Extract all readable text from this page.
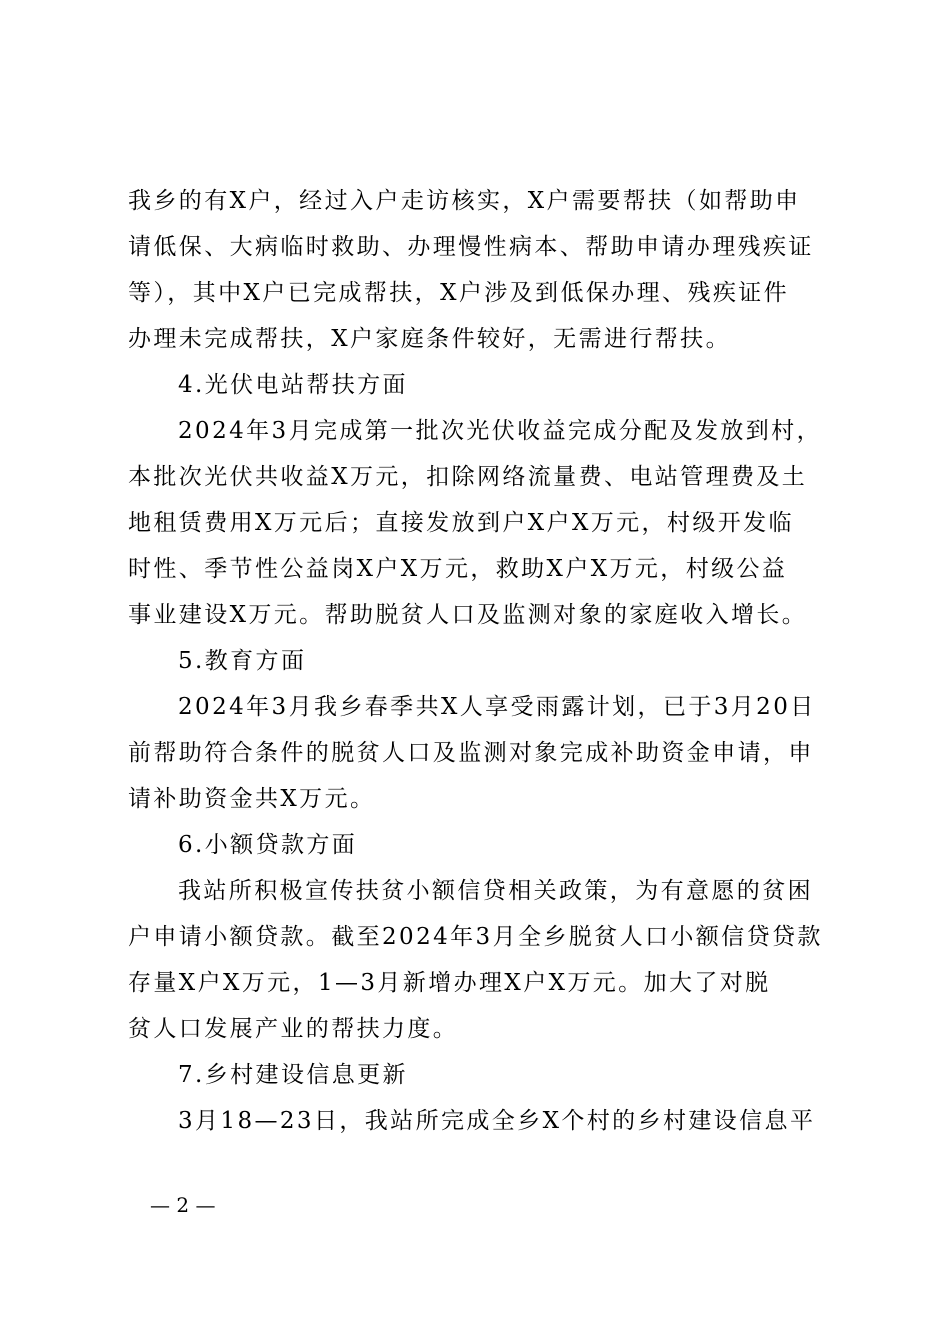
我乡的有X户，经过入户走访核实，X户需要帮扶（如帮助申
请低保、大病临时救助、办理慢性病本、帮助申请办理残疾证
等），其中X户已完成帮扶，X户涉及到低保办理、残疾证件
办理未完成帮扶，X户家庭条件较好，无需进行帮扶。
4.光伏电站帮扶方面
2024年3月完成第一批次光伏收益完成分配及发放到村，
本批次光伏共收益X万元，扣除网络流量费、电站管理费及土
地租赁费用X万元后；直接发放到户X户X万元，村级开发临
时性、季节性公益岗X户X万元，救助X户X万元，村级公益
事业建设X万元。帮助脱贫人口及监测对象的家庭收入增长。
5.教育方面
2024年3月我乡春季共X人享受雨露计划，已于3月20日
前帮助符合条件的脱贫人口及监测对象完成补助资金申请，申
请补助资金共X万元。
6.小额贷款方面
我站所积极宣传扶贫小额信贷相关政策，为有意愿的贫困
户申请小额贷款。截至2024年3月全乡脱贫人口小额信贷贷款
存量X户X万元，1—3月新增办理X户X万元。加大了对脱
贫人口发展产业的帮扶力度。
7.乡村建设信息更新
3月18—23日，我站所完成全乡X个村的乡村建设信息平
— 2 —
